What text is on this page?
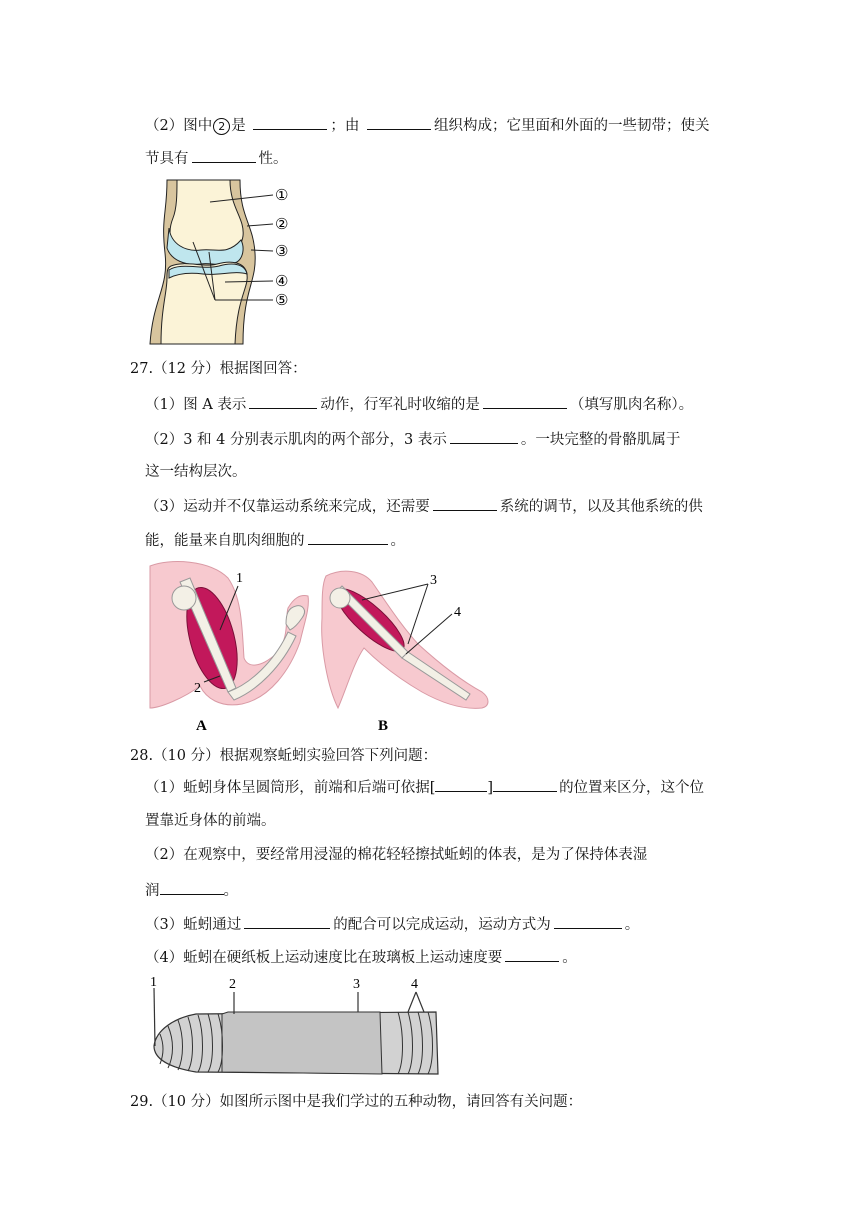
（2）图中 2 是	；由	组织构成；它里面和外面的一些韧带；使关
节具有	性。
①
②
③
④
⑤
27.（12 分）根据图回答：
（1）图 A 表示	动作，行军礼时收缩的是	（填写肌肉名称）。
（2）3 和 4 分别表示肌肉的两个部分，3 表示	。一块完整的骨骼肌属于
这一结构层次。
（3）运动并不仅靠运动系统来完成，还需要	系统的调节，以及其他系统的供
能，能量来自肌肉细胞的	。
1
2
A
3
4
B
28.（10 分）根据观察蚯蚓实验回答下列问题：
（1）蚯蚓身体呈圆筒形，前端和后端可依据[	]	的位置来区分，这个位
置靠近身体的前端。
（2）在观察中，要经常用浸湿的棉花轻轻擦拭蚯蚓的体表，是为了保持体表湿
润	。
（3）蚯蚓通过	的配合可以完成运动，运动方式为	。
（4）蚯蚓在硬纸板上运动速度比在玻璃板上运动速度要	。
1	2	3	4
29.（10 分）如图所示图中是我们学过的五种动物，请回答有关问题：
